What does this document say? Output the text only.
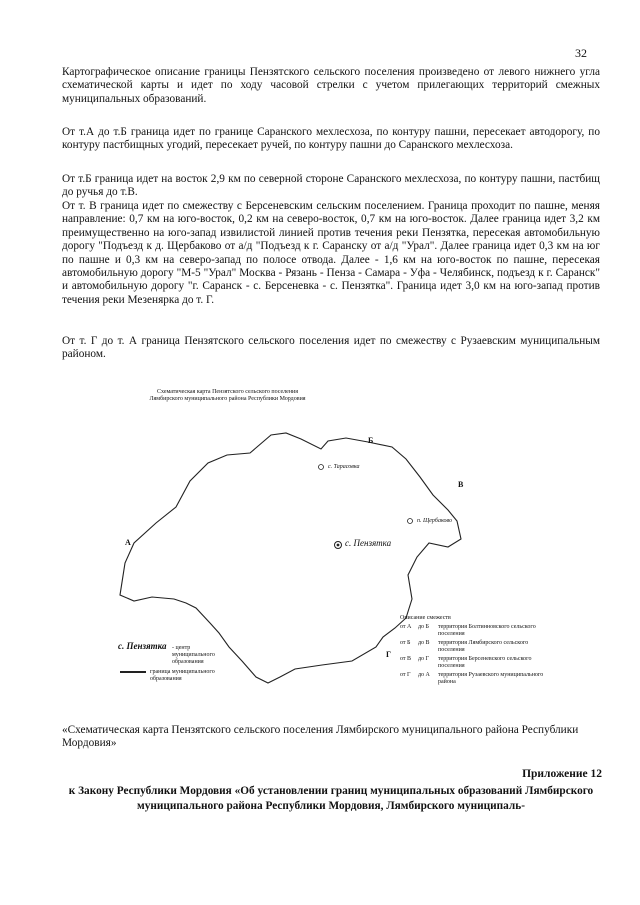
32
Картографическое описание границы Пензятского сельского поселения произведено от левого нижнего угла схематической карты и идет по ходу часовой стрелки с учетом прилегающих территорий смежных муниципальных образований.
От т.А до т.Б граница идет по границе Саранского мехлесхоза, по контуру пашни, пересекает автодорогу, по контуру пастбищных угодий, пересекает ручей, по контуру пашни до Саранского мехлесхоза.
От т.Б граница идет на восток 2,9 км по северной стороне Саранского мехлесхоза, по контуру пашни, пастбищ до ручья до т.В.
От т. В граница идет по смежеству с Берсеневским сельским поселением. Граница проходит по пашне, меняя направление: 0,7 км на юго-восток, 0,2 км на северо-восток, 0,7 км на юго-восток. Далее граница идет 3,2 км преимущественно на юго-запад извилистой линией против течения реки Пензятка, пересекая автомобильную дорогу "Подъезд к д. Щербаково от а/д "Подъезд к г. Саранску от а/д "Урал". Далее граница идет 0,3 км на юг по пашне и 0,3 км на северо-запад по полосе отвода. Далее - 1,6 км на юго-восток по пашне, пересекая автомобильную дорогу "М-5 "Урал" Москва - Рязань - Пенза - Самара - Уфа - Челябинск, подъезд к г. Саранск" и автомобильную дорогу "г. Саранск - с. Берсеневка - с. Пензятка". Граница идет 3,0 км на юго-запад против течения реки Мезенярка до т. Г.
От т. Г до т. А граница Пензятского сельского поселения идет по смежеству с Рузаевским муниципальным районом.
Схематическая карта Пензятского сельского поселения Лямбирского муниципального района Республики Мордовия
А
Б
В
Г
с. Тарасовка
п. Щербаково
с. Пензятка
с. Пензятка - центр муниципального образования
граница муниципального образования
Описание смежеств
от А до Б территория Болтинновского сельского поселения
от Б до В территория Лямбирского сельского поселения
от В до Г территория Берсеневского сельского поселения
от Г до А территория Рузаевского муниципального района
«Схематическая карта Пензятского сельского поселения Лямбирского муниципального района Республики Мордовия»
Приложение 12
к Закону Республики Мордовия «Об установлении границ муниципальных образований Лямбирского муниципального района Республики Мордовия, Лямбирского муниципаль-
